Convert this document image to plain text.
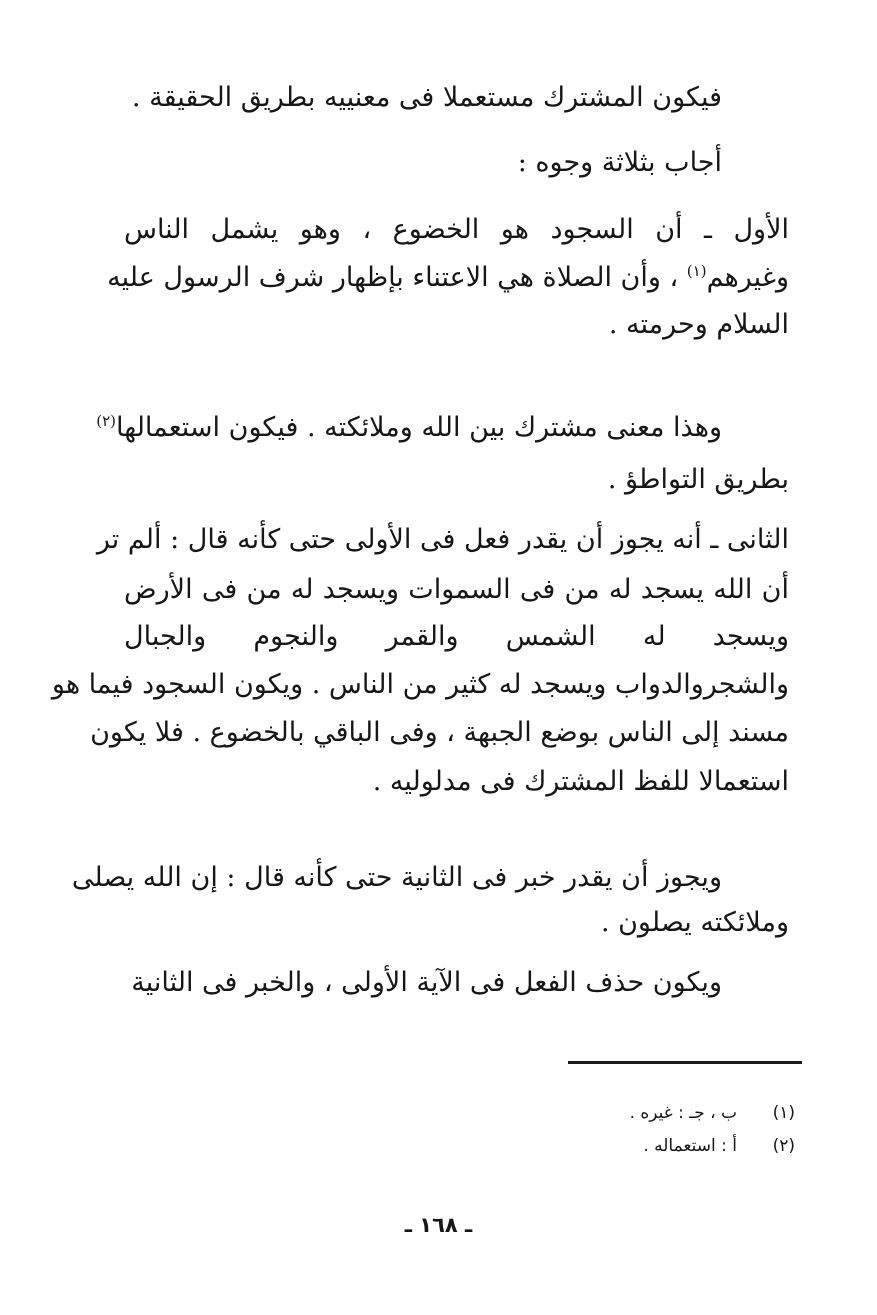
فيكون المشترك مستعملا فى معنييه بطريق الحقيقة .
أجاب بثلاثة وجوه :
الأول ـ أن السجود هو الخضوع ، وهو يشمل الناس
وغيرهم$^{(١)}$ ، وأن الصلاة هي الاعتناء بإظهار شرف الرسول عليه
السلام وحرمته .
وهذا معنى مشترك بين الله وملائكته . فيكون استعمالها$^{(٢)}$
بطريق التواطؤ .
الثانى ـ أنه يجوز أن يقدر فعل فى الأولى حتى كأنه قال : ألم تر
أن الله يسجد له من فى السموات ويسجد له من فى الأرض
ويسجد له الشمس والقمر والنجوم والجبال
والشجروالدواب ويسجد له كثير من الناس . ويكون السجود فيما هو
مسند إلى الناس بوضع الجبهة ، وفى الباقي بالخضوع . فلا يكون
استعمالا للفظ المشترك فى مدلوليه .
ويجوز أن يقدر خبر فى الثانية حتى كأنه قال : إن الله يصلى
وملائكته يصلون .
ويكون حذف الفعل فى الآية الأولى ، والخبر فى الثانية
(١)ب ، جـ : غيره .
(٢)أ : استعماله .
ـ ١٦٨ ـ
